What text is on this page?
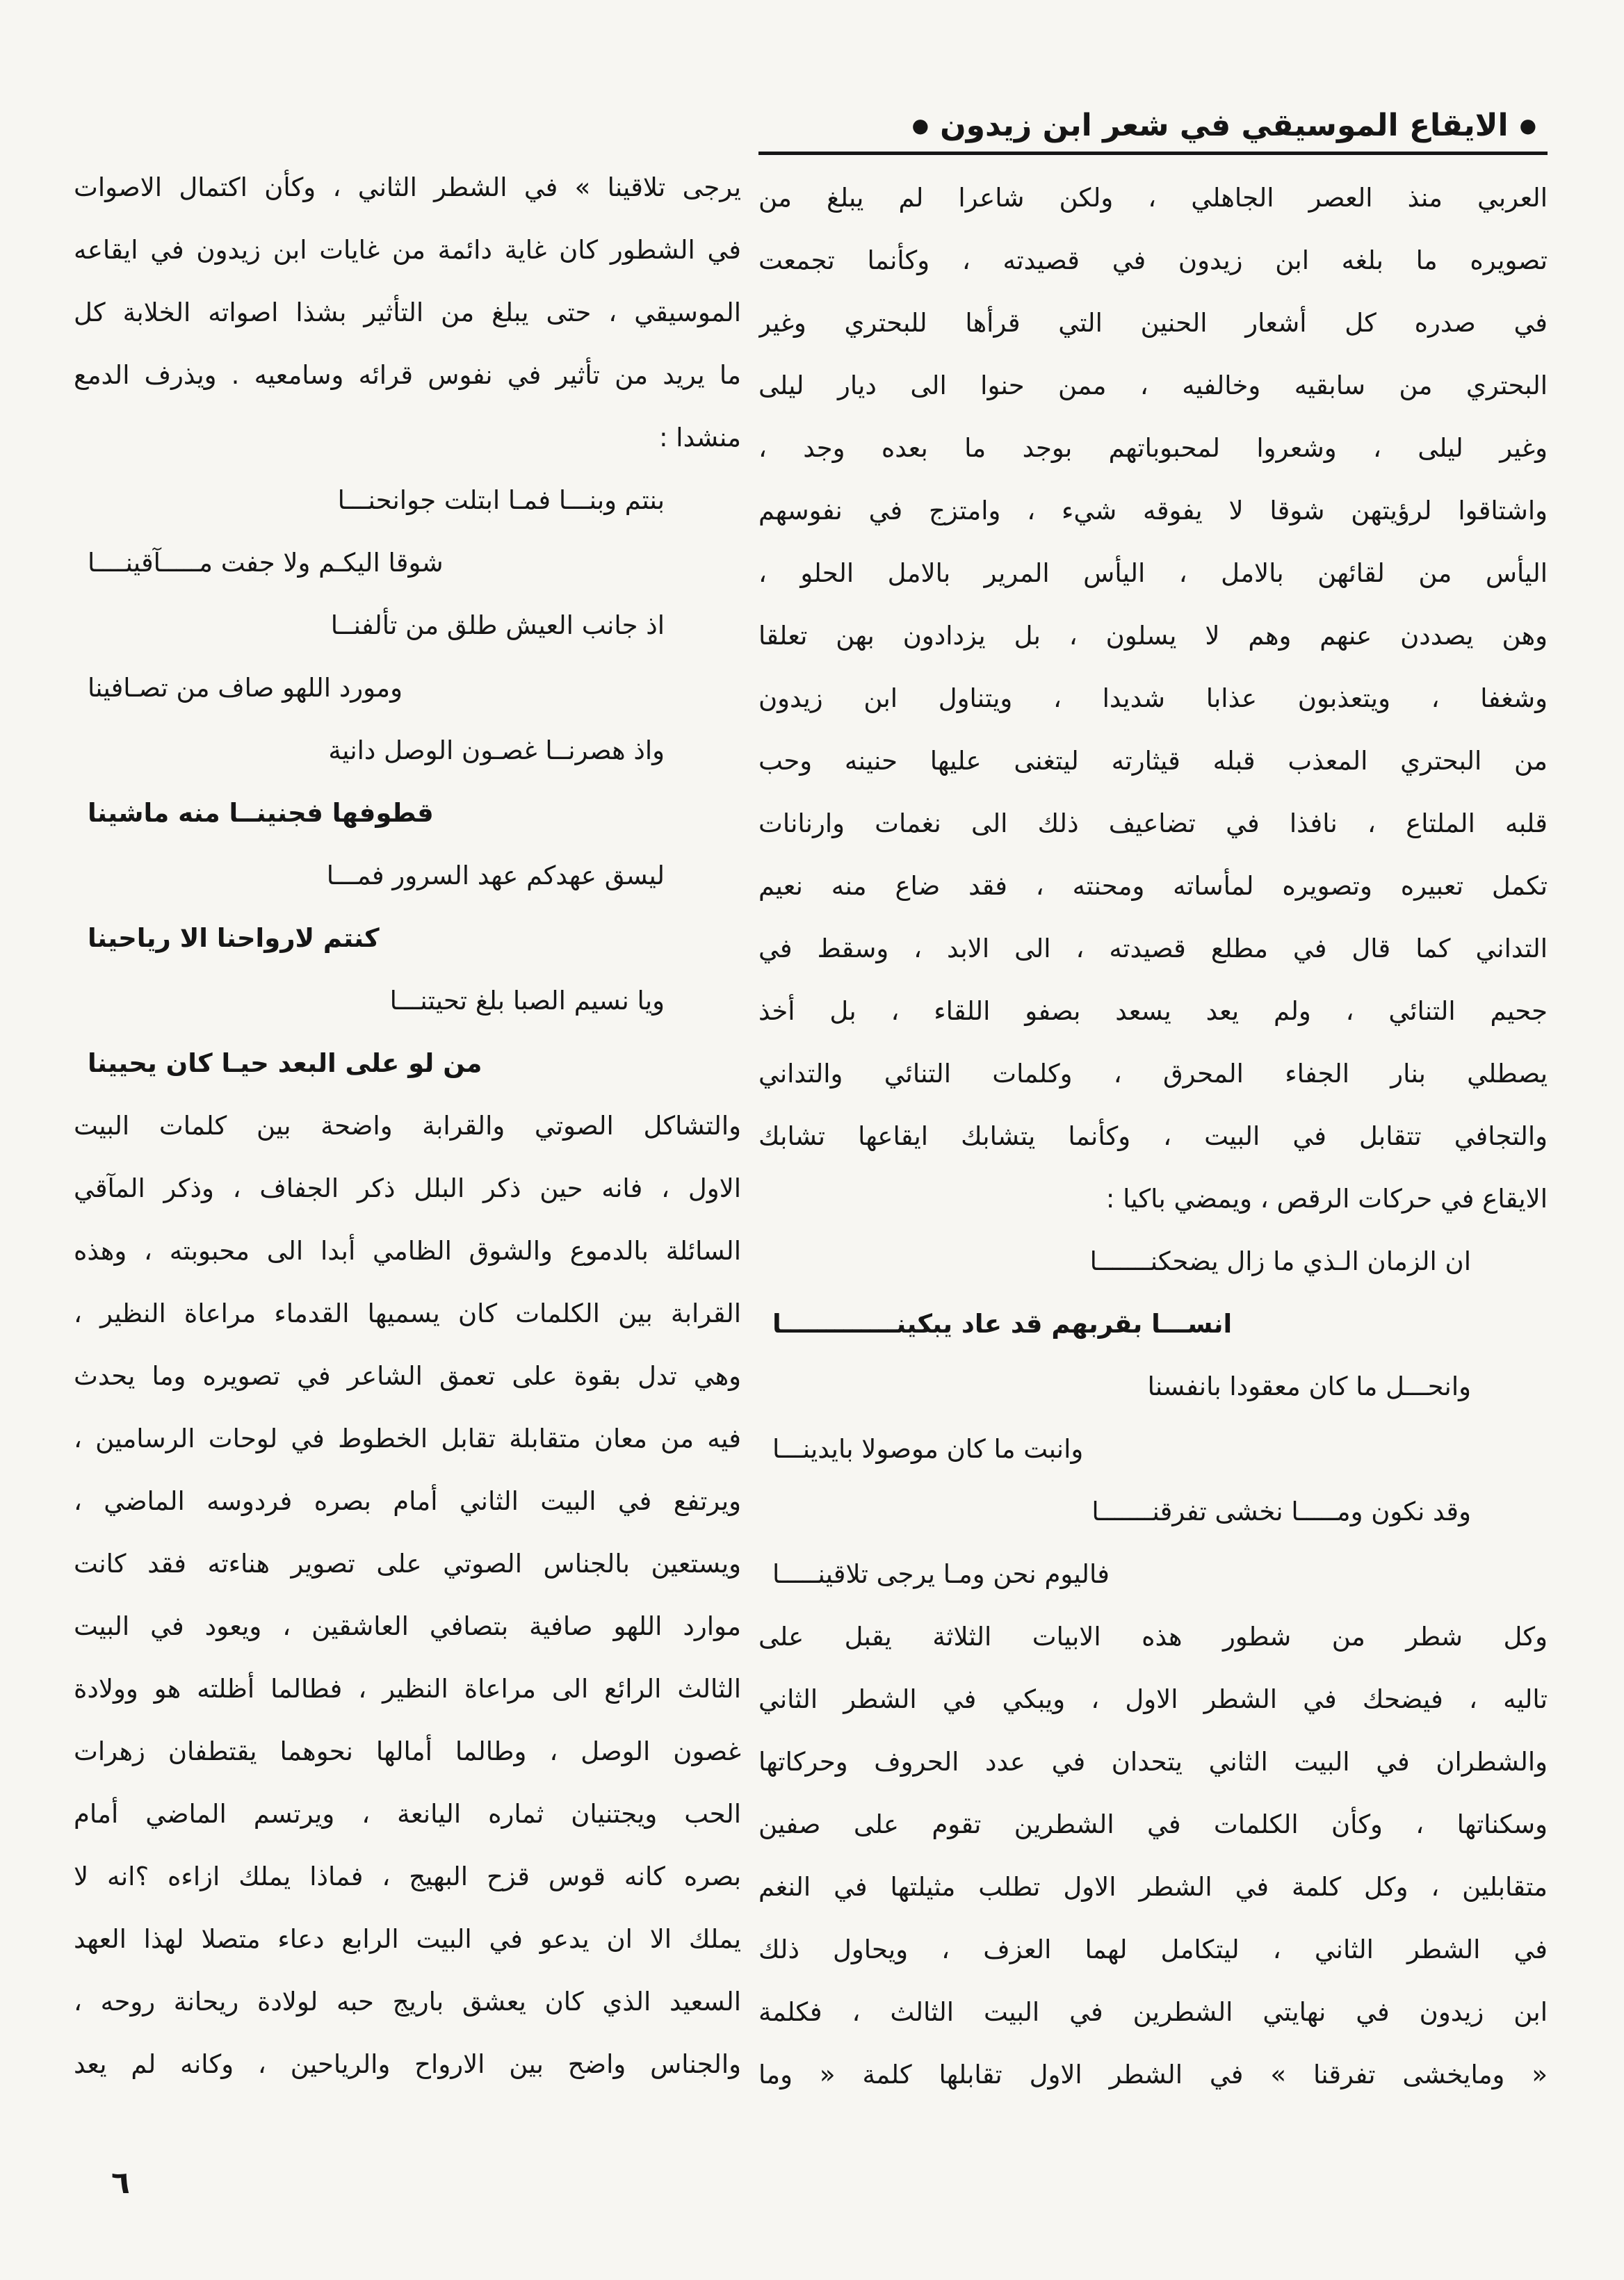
●
الايقاع الموسيقي في شعر ابن زيدون
●
العربي منذ العصر الجاهلي ، ولكن شاعرا لم يبلغ من
تصويره ما بلغه ابن زيدون في قصيدته ، وكأنما تجمعت
في صدره كل أشعار الحنين التي قرأها للبحتري وغير
البحتري من سابقيه وخالفيه ، ممن حنوا الى ديار ليلى
وغير ليلى ، وشعروا لمحبوباتهم بوجد ما بعده وجد ،
واشتاقوا لرؤيتهن شوقا لا يفوقه شيء ، وامتزج في نفوسهم
اليأس من لقائهن بالامل ، اليأس المرير بالامل الحلو ،
وهن يصددن عنهم وهم لا يسلون ، بل يزدادون بهن تعلقا
وشغفا ، ويتعذبون عذابا شديدا ، ويتناول ابن زيدون
من البحتري المعذب قبله قيثارته ليتغنى عليها حنينه وحب
قلبه الملتاع ، نافذا في تضاعيف ذلك الى نغمات وارنانات
تكمل تعبيره وتصويره لمأساته ومحنته ، فقد ضاع منه نعيم
التداني كما قال في مطلع قصيدته ، الى الابد ، وسقط في
جحيم التنائي ، ولم يعد يسعد بصفو اللقاء ، بل أخذ
يصطلي بنار الجفاء المحرق ، وكلمات التنائي والتداني
والتجافي تتقابل في البيت ، وكأنما يتشابك ايقاعها تشابك
الايقاع في حركات الرقص ، ويمضي باكيا :
ان الزمان الـذي ما زال يضحكنـــــــا
انســـا بقربهم قد عاد يبكينـــــــــــــا
وانحـــل ما كان معقودا بانفسنا
وانبت ما كان موصولا بايدينـــا
وقد نكون ومـــــا نخشى تفرقنـــــــا
فاليوم نحن ومـا يرجى تلاقينـــــا
وكل شطر من شطور هذه الابيات الثلاثة يقبل على
تاليه ، فيضحك في الشطر الاول ، ويبكي في الشطر الثاني
والشطران في البيت الثاني يتحدان في عدد الحروف وحركاتها
وسكناتها ، وكأن الكلمات في الشطرين تقوم على صفين
متقابلين ، وكل كلمة في الشطر الاول تطلب مثيلتها في النغم
في الشطر الثاني ، ليتكامل لهما العزف ، ويحاول ذلك
ابن زيدون في نهايتي الشطرين في البيت الثالث ، فكلمة
« ومايخشى تفرقنا » في الشطر الاول تقابلها كلمة « وما
يرجى تلاقينا » في الشطر الثاني ، وكأن اكتمال الاصوات
في الشطور كان غاية دائمة من غايات ابن زيدون في ايقاعه
الموسيقي ، حتى يبلغ من التأثير بشذا اصواته الخلابة كل
ما يريد من تأثير في نفوس قرائه وسامعيه . ويذرف الدمع
منشدا :
بنتم وبنـــا فمـا ابتلت جوانحنـــا
شوقا اليكـم ولا جفت مـــــآقينــــا
اذ جانب العيش طلق من تألفنــا
ومورد اللهو صاف من تصـافينا
واذ هصرنــا غصـون الوصل دانية
قطوفها فجنينــا منه ماشينا
ليسق عهدكم عهد السرور فمـــا
كنتم لارواحنا الا رياحينا
ويا نسيم الصبا بلغ تحيتنـــا
من لو على البعد حيـا كان يحيينا
والتشاكل الصوتي والقرابة واضحة بين كلمات البيت
الاول ، فانه حين ذكر البلل ذكر الجفاف ، وذكر المآقي
السائلة بالدموع والشوق الظامي أبدا الى محبوبته ، وهذه
القرابة بين الكلمات كان يسميها القدماء مراعاة النظير ،
وهي تدل بقوة على تعمق الشاعر في تصويره وما يحدث
فيه من معان متقابلة تقابل الخطوط في لوحات الرسامين ،
ويرتفع في البيت الثاني أمام بصره فردوسه الماضي ،
ويستعين بالجناس الصوتي على تصوير هناءته فقد كانت
موارد اللهو صافية بتصافي العاشقين ، ويعود في البيت
الثالث الرائع الى مراعاة النظير ، فطالما أظلته هو وولادة
غصون الوصل ، وطالما أمالها نحوهما يقتطفان زهرات
الحب ويجتنيان ثماره اليانعة ، ويرتسم الماضي أمام
بصره كانه قوس قزح البهيج ، فماذا يملك ازاءه ؟انه لا
يملك الا ان يدعو في البيت الرابع دعاء متصلا لهذا العهد
السعيد الذي كان يعشق باريج حبه لولادة ريحانة روحه ،
والجناس واضح بين الارواح والرياحين ، وكانه لم يعد
٦
